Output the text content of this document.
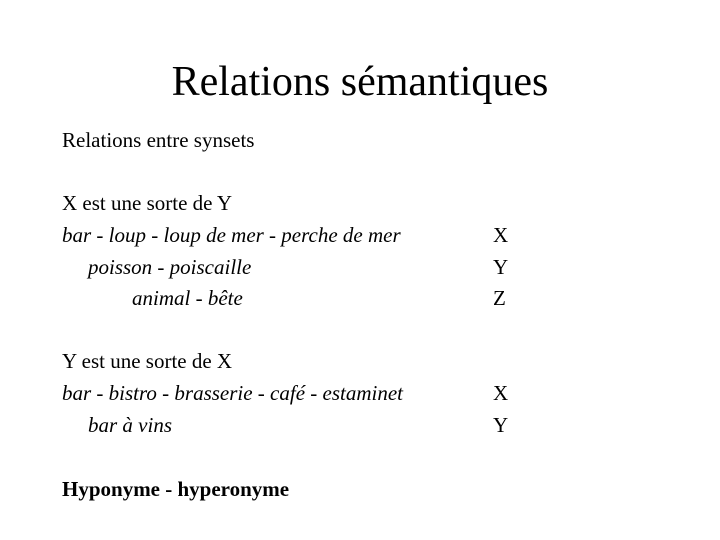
Relations sémantiques
Relations entre synsets
X est une sorte de Y
bar - loup - loup de mer - perche de mer
poisson - poiscaille
animal - bête
X
Y
Z
Y est une sorte de X
bar - bistro - brasserie - café - estaminet
bar à vins
X
Y
Hyponyme - hyperonyme
